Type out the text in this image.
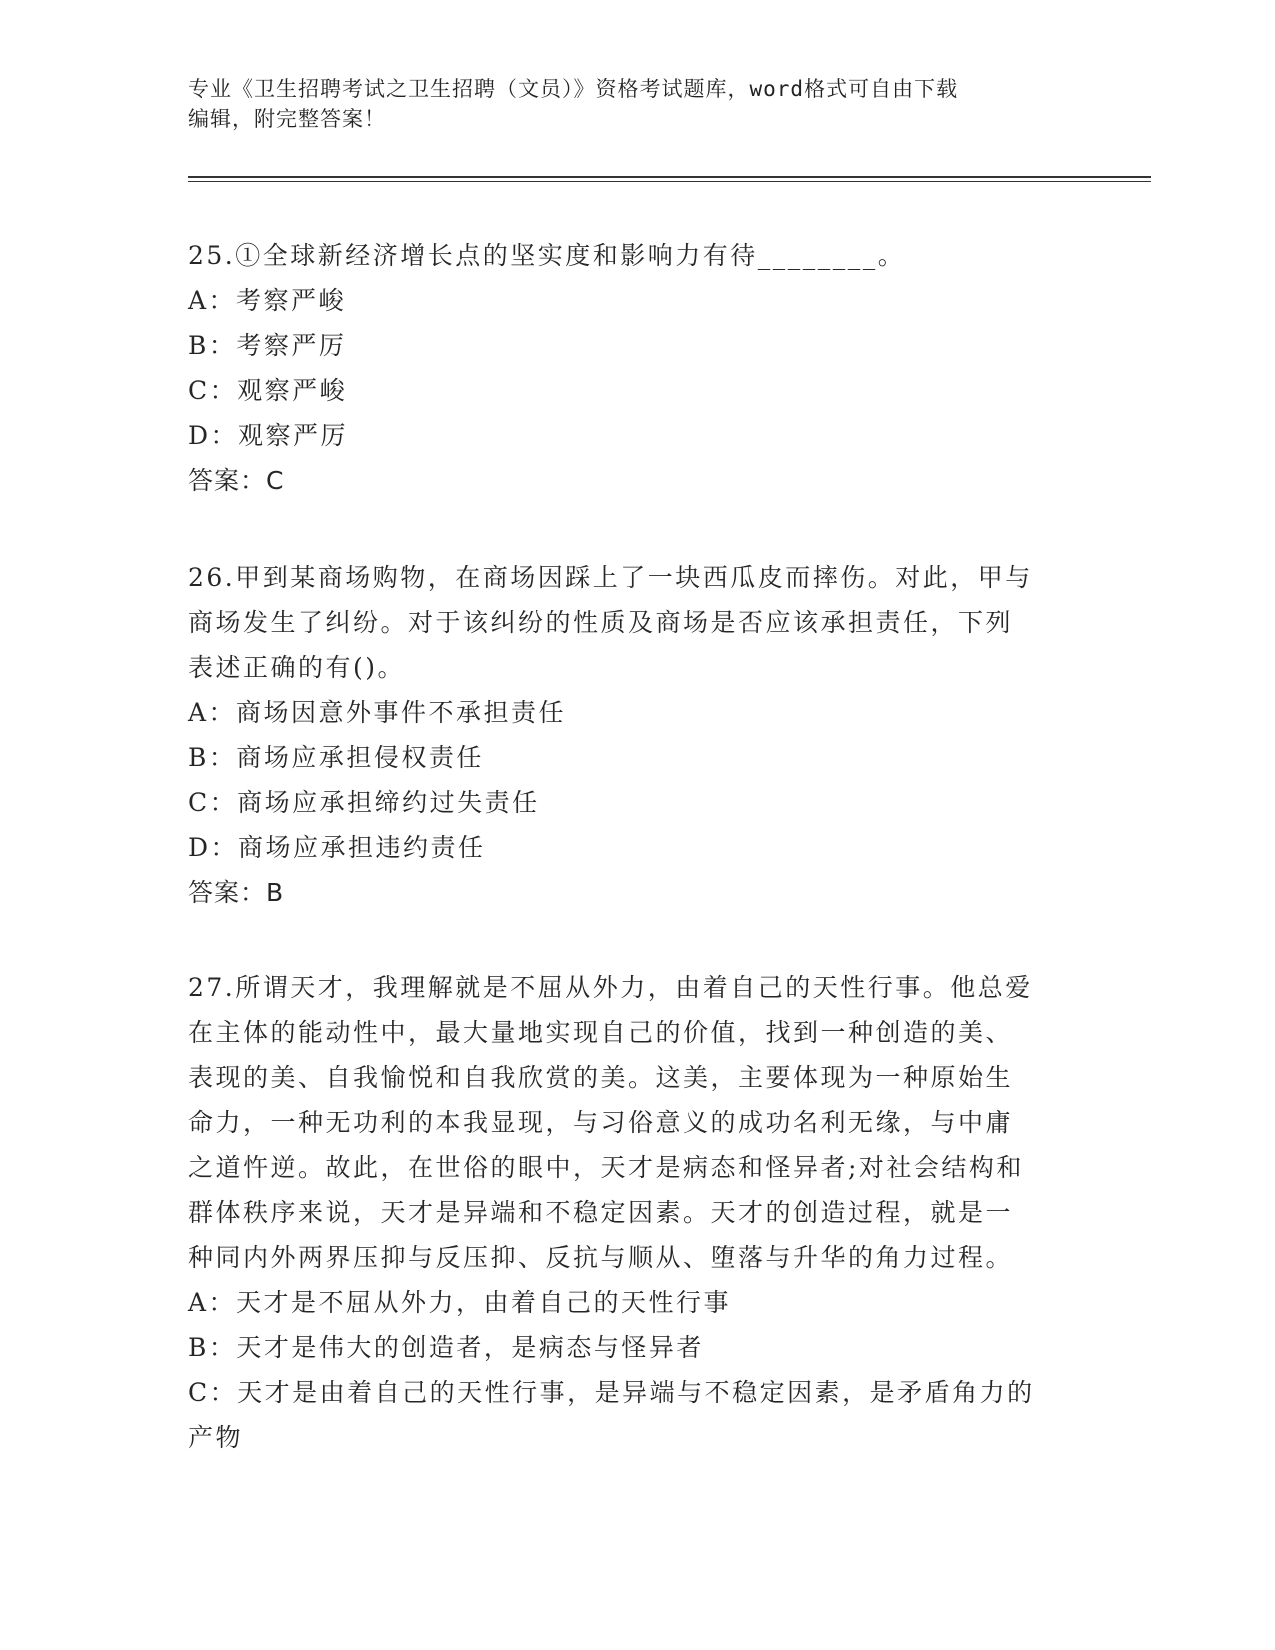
专业《卫生招聘考试之卫生招聘（文员）》资格考试题库，word格式可自由下载
编辑，附完整答案！

25.①全球新经济增长点的坚实度和影响力有待________。

A：考察严峻

B：考察严厉

C：观察严峻

D：观察严厉

答案：C

26.甲到某商场购物，在商场因踩上了一块西瓜皮而摔伤。对此，甲与

商场发生了纠纷。对于该纠纷的性质及商场是否应该承担责任，下列

表述正确的有()。

A：商场因意外事件不承担责任

B：商场应承担侵权责任

C：商场应承担缔约过失责任

D：商场应承担违约责任

答案：B

27.所谓天才，我理解就是不屈从外力，由着自己的天性行事。他总爱

在主体的能动性中，最大量地实现自己的价值，找到一种创造的美、

表现的美、自我愉悦和自我欣赏的美。这美，主要体现为一种原始生

命力，一种无功利的本我显现，与习俗意义的成功名利无缘，与中庸

之道忤逆。故此，在世俗的眼中，天才是病态和怪异者;对社会结构和

群体秩序来说，天才是异端和不稳定因素。天才的创造过程，就是一

种同内外两界压抑与反压抑、反抗与顺从、堕落与升华的角力过程。

A：天才是不屈从外力，由着自己的天性行事

B：天才是伟大的创造者，是病态与怪异者

C：天才是由着自己的天性行事，是异端与不稳定因素，是矛盾角力的

产物
